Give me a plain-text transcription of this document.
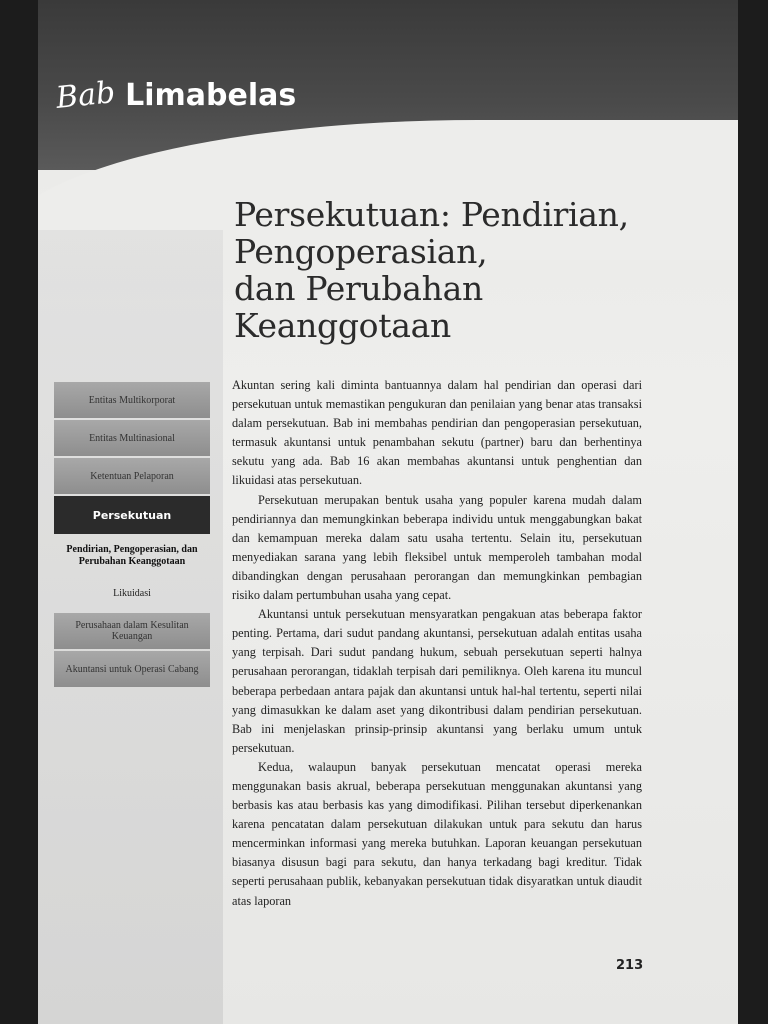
Bab Limabelas
Persekutuan: Pendirian,
Pengoperasian,
dan Perubahan
Keanggotaan
Entitas Multikorporat
Entitas Multinasional
Ketentuan Pelaporan
Persekutuan
Pendirian, Pengoperasian, dan Perubahan Keanggotaan
Likuidasi
Perusahaan dalam Kesulitan Keuangan
Akuntansi untuk Operasi Cabang

Akuntan sering kali diminta bantuannya dalam hal pendirian dan operasi dari persekutuan untuk memastikan pengukuran dan penilaian yang benar atas transaksi dalam persekutuan. Bab ini membahas pendirian dan pengoperasian persekutuan, termasuk akuntansi untuk penambahan sekutu (partner) baru dan berhentinya sekutu yang ada. Bab 16 akan membahas akuntansi untuk penghentian dan likuidasi atas persekutuan.

Persekutuan merupakan bentuk usaha yang populer karena mudah dalam pendiriannya dan memungkinkan beberapa individu untuk menggabungkan bakat dan kemampuan mereka dalam satu usaha tertentu. Selain itu, persekutuan menyediakan sarana yang lebih fleksibel untuk memperoleh tambahan modal dibandingkan dengan perusahaan perorangan dan memungkinkan pembagian risiko dalam pertumbuhan usaha yang cepat.

Akuntansi untuk persekutuan mensyaratkan pengakuan atas beberapa faktor penting. Pertama, dari sudut pandang akuntansi, persekutuan adalah entitas usaha yang terpisah. Dari sudut pandang hukum, sebuah persekutuan seperti halnya perusahaan perorangan, tidaklah terpisah dari pemiliknya. Oleh karena itu muncul beberapa perbedaan antara pajak dan akuntansi untuk hal-hal tertentu, seperti nilai yang dimasukkan ke dalam aset yang dikontribusi dalam pendirian persekutuan. Bab ini menjelaskan prinsip-prinsip akuntansi yang berlaku umum untuk persekutuan.

Kedua, walaupun banyak persekutuan mencatat operasi mereka menggunakan basis akrual, beberapa persekutuan menggunakan akuntansi yang berbasis kas atau berbasis kas yang dimodifikasi. Pilihan tersebut diperkenankan karena pencatatan dalam persekutuan dilakukan untuk para sekutu dan harus mencerminkan informasi yang mereka butuhkan. Laporan keuangan persekutuan biasanya disusun bagi para sekutu, dan hanya terkadang bagi kreditur. Tidak seperti perusahaan publik, kebanyakan persekutuan tidak disyaratkan untuk diaudit atas laporan

213
